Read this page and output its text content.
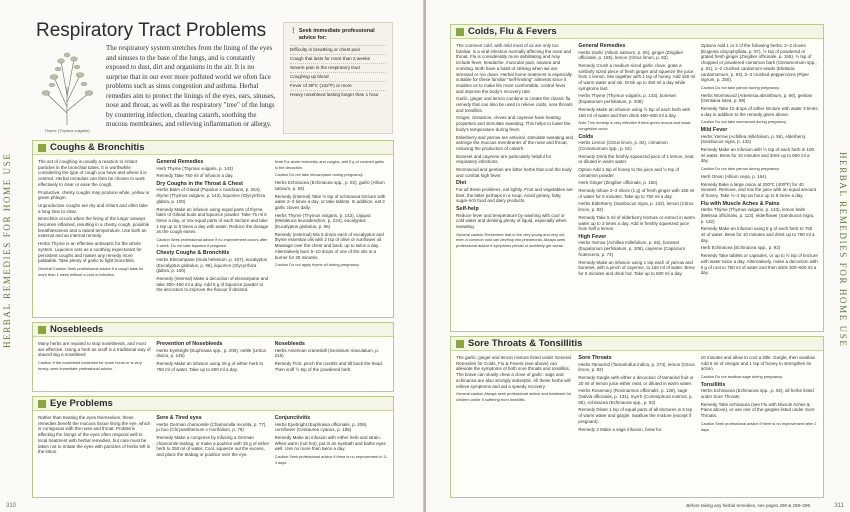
HERBAL REMEDIES FOR HOME USE
Respiratory Tract Problems
Thyme (Thymus vulgaris)
The respiratory system stretches from the lining of the eyes and sinuses to the base of the lungs, and is constantly exposed to dust, dirt and organisms in the air. It is no surprise that in our ever more polluted world we often face problems such as sinus congestion and asthma. Herbal remedies aim to protect the linings of the eyes, ears, sinuses, nose and throat, as well as the respiratory "tree" of the lungs by countering infection, clearing catarrh, soothing the mucous membranes, and relieving inflammation or allergy.
❗ Seek immediate professional advice for:
Difficulty in breathing or chest pain
Cough that lasts for more than 2 weeks
Severe pain in the respiratory tract
Coughing up blood
Fever of 39ºC (102ºF) or more
Heavy nosebleed lasting longer than 1 hour
Coughs & Bronchitis

The act of coughing is usually a reaction to irritant particles in the bronchial tubes. It is worthwhile considering the type of cough you have and where it is centred. Herbal remedies can then be chosen to work effectively to clear or ease the cough.

Productive, chesty coughs may produce white, yellow or green phlegm.

Unproductive coughs are dry and irritant and often take a long time to clear.

Bronchitis occurs when the lining of the lungs' airways becomes inflamed, resulting in a chesty cough, possible breathlessness and a raised temperature. Use both an external and an internal remedy.

Herbs Thyme is an effective antiseptic for the whole system. Liquorice acts as a soothing expectorant for persistent coughs and makes any remedy more palatable. Take plenty of garlic to fight bronchitis.

General Caution Seek professional advice if a cough lasts for more than 1 week without a cold or infection.

General Remedies

Herb Thyme (Thymus vulgaris, p. 143)

Remedy Take 750 ml of infusion a day.

Dry Coughs in the Throat & Chest

Herbs Balm of Gilead (Populus x candicans, p. 254), thyme (Thymus vulgaris, p. 143), liquorice (Glycyrrhiza glabra, p. 100)

Remedy Make an infusion using equal parts of thyme, balm of Gilead buds and liquorice powder. Take 75 ml 6 times a day, or mix equal parts of each tincture and take 1 tsp up to 5 times a day with water. Reduce the dosage as the cough eases.

Caution Seek professional advice if no improvement occurs after 1 week. Do not take liquorice if pregnant.

Chesty Coughs & Bronchitis

Herbs Elecampane (Inula helenium, p. 107), eucalyptus (Eucalyptus globulus, p. 96), liquorice (Glycyrrhiza glabra, p. 100)

Remedy (internal) Make a decoction of elecampane and take 300–450 ml a day. Add 5 g of liquorice powder to the decoction to improve the flavour if desired.

Note For acute bronchitis and coughs, add 5 g of crushed garlic to the decoction.

Caution Do not take elecampane during pregnancy.

Herbs Echinacea (Echinacea spp., p. 92), garlic (Allium sativum, p. 59)

Remedy (internal) Take ½ tsp of echinacea tincture with water 2–3 times a day, or take tablets. In addition, eat 2 garlic cloves daily.

Herbs Thyme (Thymus vulgaris, p. 143), cajuput (Melaleuca leucadendron, p. 234), eucalyptus (Eucalyptus globulus, p. 96)

Remedy (external) Mix 5 drops each of eucalyptus and thyme essential oils with 2 tsp of olive or sunflower oil. Massage over the chest and back, up to twice a day. Alternatively burn 5–10 drops of one of the oils in a burner for 30 minutes.

Caution Do not apply thyme oil during pregnancy.

Nosebleeds

Many herbs are reputed to stop nosebleeds, and most are effective. Using a herb as snuff is a traditional way of staunching a nosebleed.

Caution If the nosebleed continues for some hours or is very heavy, seek immediate professional advice.

Prevention of Nosebleeds

Herbs Eyebright (Euphrasia spp., p. 209), nettle (Urtica dioica, p. 146)

Remedy Make an infusion using 25 g of either herb to 750 ml of water. Take up to 600 ml a day.

Nosebleeds

Herbs American cranesbill (Geranium maculatum, p. 216)

Remedy First, pinch the nostrils and tilt back the head. Then sniff ½ tsp of the powdered herb.

Eye Problems

Rather than treating the eyes themselves, these remedies benefit the mucous tissue lining the eye, which is contiguous with the nose and throat. Problems affecting the linings of the eyes often respond well to local treatment with herbal remedies, but care must be taken not to irritate the eyes with particles of herbs left in the lotion.

Sore & Tired eyes

Herbs German chamomile (Chamomilla recutita, p. 77), ju huo (Chrysanthemum x morifolium, p. 78)

Remedy Make a compress by infusing a German chamomile teabag, or make a poultice with 15 g of either herb to 250 ml of water. Cool, squeeze out the excess, and place the teabag or poultice over the eye.

Conjunctivitis

Herbs Eyebright (Euphrasia officinalis, p. 209), cornflower (Centaurea cyanus, p. 185)

Remedy Make an infusion with either herb and strain. When warm (not hot), put in an eyebath and bathe eyes well. Use no more than twice a day.

Caution Seek professional advice if there is no improvement in 3–4 days.

310
HERBAL REMEDIES FOR HOME USE
Colds, Flu & Fevers

The common cold, with mild most of us are only too familiar, is a viral infection normally affecting the nose and throat. Flu is considerably more debilitating and may include fever, headache, muscular pain, nausea and vomiting. Both have a habit of striking when we are stressed or run down. Herbal home treatment is especially suitable for these familiar "self-limiting" ailments since it enables us to make life more comfortable, control fever and improve the body's recovery rate.

Garlic, ginger and lemon combine to create the classic flu remedy that can also be used to relieve colds, sore throats and tonsillitis.

Ginger, cinnamon, cloves and cayenne have heating properties and stimulate sweating. This helps to lower the body's temperature during fever.

Elderberry and yarrow are antiviral, stimulate sweating and astringe the mucous membranes of the nose and throat, reducing the production of catarrh.

Boneset and cayenne are particularly helpful for respiratory infections.

Wormwood and gentian are bitter herbs that cool the body and combat high fever.

Diet

For all these problems, eat lightly. Fruit and vegetables are best, the latter perhaps in a soup. Avoid greasy, fatty, sugar-rich food and dairy products.

Self-help

Reduce fever and temperature by washing with cool or cold water and drinking plenty of liquid, especially when sweating.

General caution Remember that in the very young and very old, even a common cold can develop into pneumonia. Always seek professional advice if symptoms persist or suddenly get worse.

General Remedies

Herbs Garlic (Allium sativum, p. 59), ginger (Zingiber officinale, p. 155), lemon (Citrus limon, p. 82)

Remedy Crush a medium-sized garlic clove, grate a similarly sized piece of fresh ginger and squeeze the juice from 1 lemon. Mix together with 1 tsp of honey. Add 150 ml of warm water and stir. Drink up to 450 ml a day while symptoms last.

Herbs Thyme (Thymus vulgaris, p. 143), boneset (Eupatorium perfoliatum, p. 208)

Remedy Make an infusion using ½ tsp of each herb with 150 ml of water and then drink 450–600 ml a day.

Note This remedy is very effective if thick green mucus and nasal congestion occur.

Colds

Herbs Lemon (Citrus limon, p. 82), cinnamon (Cinnamomum spp., p. 81)

Remedy Drink the freshly squeezed juice of 1 lemon, neat or diluted in warm water.

Option Add 1 tsp of honey to the juice and ½ tsp of cinnamon powder.

Herb Ginger (Zingiber officinale, p. 155)

Remedy Infuse 2–3 slices (1 g) of fresh ginger with 150 ml of water for 5 minutes. Take up to 750 ml a day.

Herbs Elderberry (Sambucus nigra, p. 132), lemon (Citrus limon, p. 82)

Remedy Take 5 ml of elderberry tincture or extract in warm water up to 3 times a day. Add in freshly squeezed juice from half a lemon.

High Fever

Herbs Yarrow (Achillea millefolium, p. 56), boneset (Eupatorium perfoliatum, p. 208), cayenne (Capsicum frutescens, p. 74)

Remedy Make an infusion using 1 tsp each of yarrow and boneset, with a pinch of cayenne, to 150 ml of water. Brew for 5 minutes and drink hot. Take up to 600 ml a day.

Options Add 1 or 2 of the following herbs: 2–3 cloves (Eugenia caryophyllata, p. 97), ½ tsp of powdered or grated fresh ginger (Zingiber officinale, p. 155), ½ tsp of chopped or powdered cinnamon bark (Cinnamomum spp., p. 81), 1–2 crushed cardamom seeds (Elettaria cardamomum, p. 93), 2–3 crushed peppercorns (Piper nigrum, p. 250).

Caution Do not take yarrow during pregnancy.

Herbs Wormwood (Artemisia absinthium, p. 66), gentian (Gentiana lutea, p. 99)

Remedy Take 10 drops of either tincture with water 3 times a day in addition to the remedy given above.

Caution Do not take wormwood during pregnancy.

Mild Fever

Herbs Yarrow (Achillea millefolium, p. 56), elderberry (Sambucus nigra, p. 132)

Remedy Make an infusion with ½ tsp of each herb in 100 ml water. Brew for 10 minutes and drink up to 600 ml a day.

Caution Do not take yarrow during pregnancy.

Herb Onion (Allium cepa, p. 164)

Remedy Bake a large onion at 200ºC (400ºF) for 40 minutes. Remove, and mix the juice with an equal amount of honey. Take ½–2 tsp an hour up to 8 times a day.

Flu with Muscle Aches & Pains

Herbs Thyme (Thymus vulgaris, p. 143), lemon balm (Melissa officinalis, p. 113), elderflower (Sambucus nigra, p. 132)

Remedy Make an infusion using 5 g of each herb to 750 ml of water. Brew for 10 minutes and drink up to 750 ml a day.

Herb Echinacea (Echinacea spp., p. 92)

Remedy Take tablets or capsules, or up to ½ tsp of tincture with water twice a day. Alternatively, make a decoction with 5 g of root to 750 ml of water and then drink 300–600 ml a day.

Sore Throats & Tonsillitis

The garlic, ginger and lemon mixture listed under General Remedies for Colds, Flu & Fevers (see above) can alleviate the symptoms of both sore throats and tonsillitis. The brave can slowly chew a clove of garlic: sage and echinacea are also strongly antiseptic. All these herbs will relieve symptoms and aid a speedy recovery.

General caution Always seek professional advice and treatment for children under 5 suffering from tonsillitis.

Sore Throats

Herbs Tamarind (Tamarindus indica, p. 274), lemon (Citrus limon, p. 82)

Remedy Gargle with either a decoction of tamarind fruit or 20 ml of lemon juice either neat, or diluted in warm water.

Herbs Rosemary (Rosmarinus officinalis, p. 128), sage (Salvia officinalis, p. 131), myrrh (Commiphora molmol, p. 85), echinacea (Echinacea spp., p. 92)

Remedy Dilute 1 tsp of equal parts of all tinctures in 5 tsp of warm water and gargle. Swallow the mixture (except if pregnant).

Remedy 2 Make a sage infusion, brew for

10 minutes and allow to cool a little. Gargle, then swallow. Add 5 ml of vinegar and 1 tsp of honey to strengthen its action.

Caution Do not swallow sage during pregnancy.

Tonsillitis

Herbs Echinacea (Echinacea spp., p. 92), all herbs listed under Sore Throats

Remedy Take echinacea (see Flu with Muscle Aches & Pains above), or use one of the gargles listed under Sore Throats.

Caution Seek professional advice if there is no improvement after 2 days.

Before taking any herbal remedies, see pages 290 & 298–299	311
